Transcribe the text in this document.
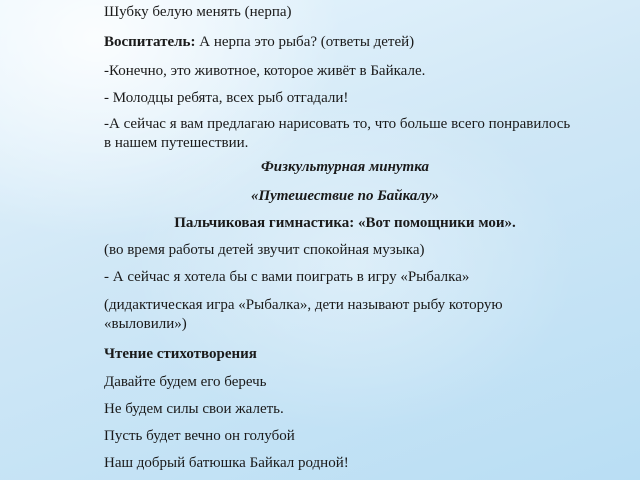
Шубку белую менять (нерпа)
Воспитатель: А нерпа это рыба? (ответы детей)
-Конечно, это животное, которое живёт в Байкале.
- Молодцы ребята, всех рыб отгадали!
-А сейчас я вам предлагаю нарисовать то, что больше всего понравилось в нашем путешествии.
Физкультурная минутка
«Путешествие по Байкалу»
Пальчиковая гимнастика: «Вот помощники мои».
(во время работы детей звучит спокойная музыка)
- А сейчас я хотела бы с вами поиграть в игру «Рыбалка»
(дидактическая игра «Рыбалка», дети называют рыбу которую «выловили»)
Чтение стихотворения
Давайте будем его беречь
Не будем силы свои жалеть.
Пусть будет вечно он голубой
Наш добрый батюшка Байкал родной!
